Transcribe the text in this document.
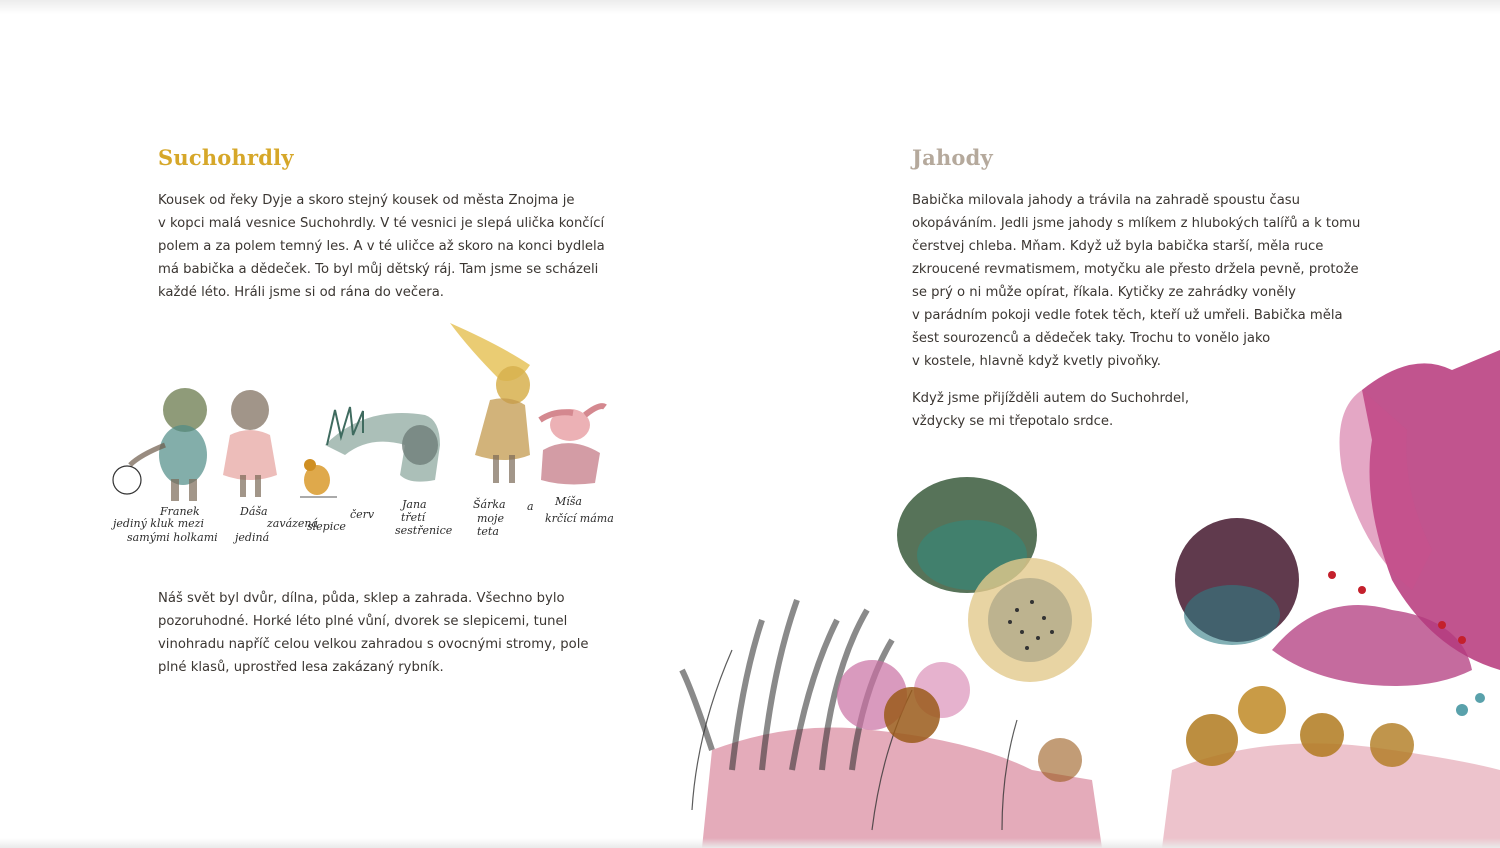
Suchohrdly
Kousek od řeky Dyje a skoro stejný kousek od města Znojma je
v kopci malá vesnice Suchohrdly. V té vesnici je slepá ulička končící
polem a za polem temný les. A v té uličce až skoro na konci bydlela
má babička a dědeček. To byl můj dětský ráj. Tam jsme se scházeli
každé léto. Hráli jsme si od rána do večera.
Franek
jediný kluk mezi
samými holkami
Dáša
jediná
zavázená
slepice
červ
Jana
třetí
sestřenice
Šárka
moje
teta
a Míša
krčící máma
Náš svět byl dvůr, dílna, půda, sklep a zahrada. Všechno bylo
pozoruhodné. Horké léto plné vůní, dvorek se slepicemi, tunel
vinohradu napříč celou velkou zahradou s ovocnými stromy, pole
plné klasů, uprostřed lesa zakázaný rybník.
Jahody
Babička milovala jahody a trávila na zahradě spoustu času
okopáváním. Jedli jsme jahody s mlíkem z hlubokých talířů a k tomu
čerstvej chleba. Mňam. Když už byla babička starší, měla ruce
zkroucené revmatismem, motyčku ale přesto držela pevně, protože
se prý o ni může opírat, říkala. Kytičky ze zahrádky voněly
v parádním pokoji vedle fotek těch, kteří už umřeli. Babička měla
šest sourozenců a dědeček taky. Trochu to vonělo jako
v kostele, hlavně když kvetly pivoňky.
Když jsme přijížděli autem do Suchohrdel,
vždycky se mi třepotalo srdce.
